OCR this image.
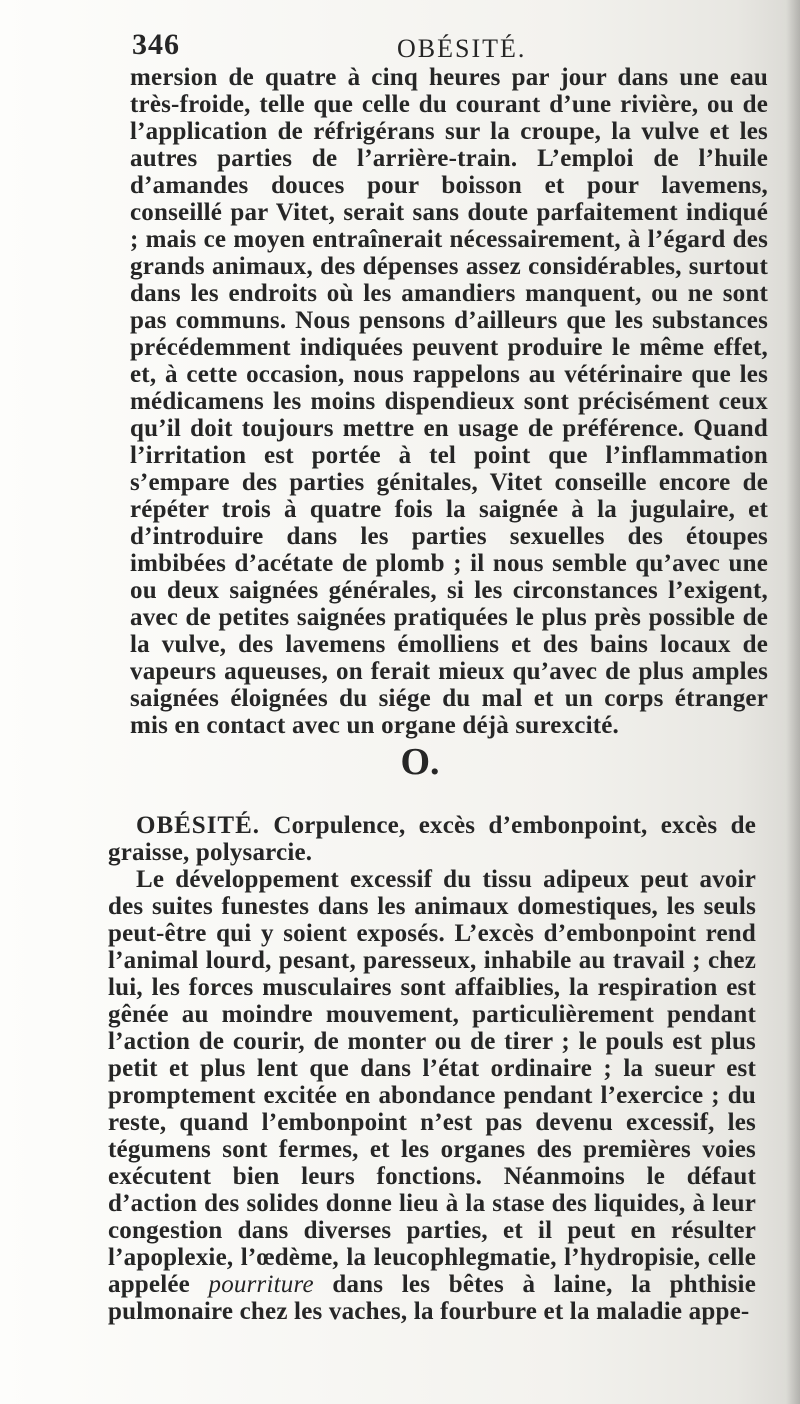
346	OBÉSITÉ.

mersion de quatre à cinq heures par jour dans une eau très-froide, telle que celle du courant d’une rivière, ou de l’application de réfrigérans sur la croupe, la vulve et les autres parties de l’arrière-train. L’emploi de l’huile d’amandes douces pour boisson et pour lavemens, conseillé par Vitet, serait sans doute parfaitement indiqué ; mais ce moyen entraînerait nécessairement, à l’égard des grands animaux, des dépenses assez considérables, surtout dans les endroits où les amandiers manquent, ou ne sont pas communs. Nous pensons d’ailleurs que les substances précédemment indiquées peuvent produire le même effet, et, à cette occasion, nous rappelons au vétérinaire que les médicamens les moins dispendieux sont précisément ceux qu’il doit toujours mettre en usage de préférence. Quand l’irritation est portée à tel point que l’inflammation s’empare des parties génitales, Vitet conseille encore de répéter trois à quatre fois la saignée à la jugulaire, et d’introduire dans les parties sexuelles des étoupes imbibées d’acétate de plomb ; il nous semble qu’avec une ou deux saignées générales, si les circonstances l’exigent, avec de petites saignées pratiquées le plus près possible de la vulve, des lavemens émolliens et des bains locaux de vapeurs aqueuses, on ferait mieux qu’avec de plus amples saignées éloignées du siége du mal et un corps étranger mis en contact avec un organe déjà surexcité.

O.

OBÉSITÉ. Corpulence, excès d’embonpoint, excès de graisse, polysarcie.

Le développement excessif du tissu adipeux peut avoir des suites funestes dans les animaux domestiques, les seuls peut-être qui y soient exposés. L’excès d’embonpoint rend l’animal lourd, pesant, paresseux, inhabile au travail ; chez lui, les forces musculaires sont affaiblies, la respiration est gênée au moindre mouvement, particulièrement pendant l’action de courir, de monter ou de tirer ; le pouls est plus petit et plus lent que dans l’état ordinaire ; la sueur est promptement excitée en abondance pendant l’exercice ; du reste, quand l’embonpoint n’est pas devenu excessif, les tégumens sont fermes, et les organes des premières voies exécutent bien leurs fonctions. Néanmoins le défaut d’action des solides donne lieu à la stase des liquides, à leur congestion dans diverses parties, et il peut en résulter l’apoplexie, l’œdème, la leucophlegmatie, l’hydropisie, celle appelée pourriture dans les bêtes à laine, la phthisie pulmonaire chez les vaches, la fourbure et la maladie appe-
